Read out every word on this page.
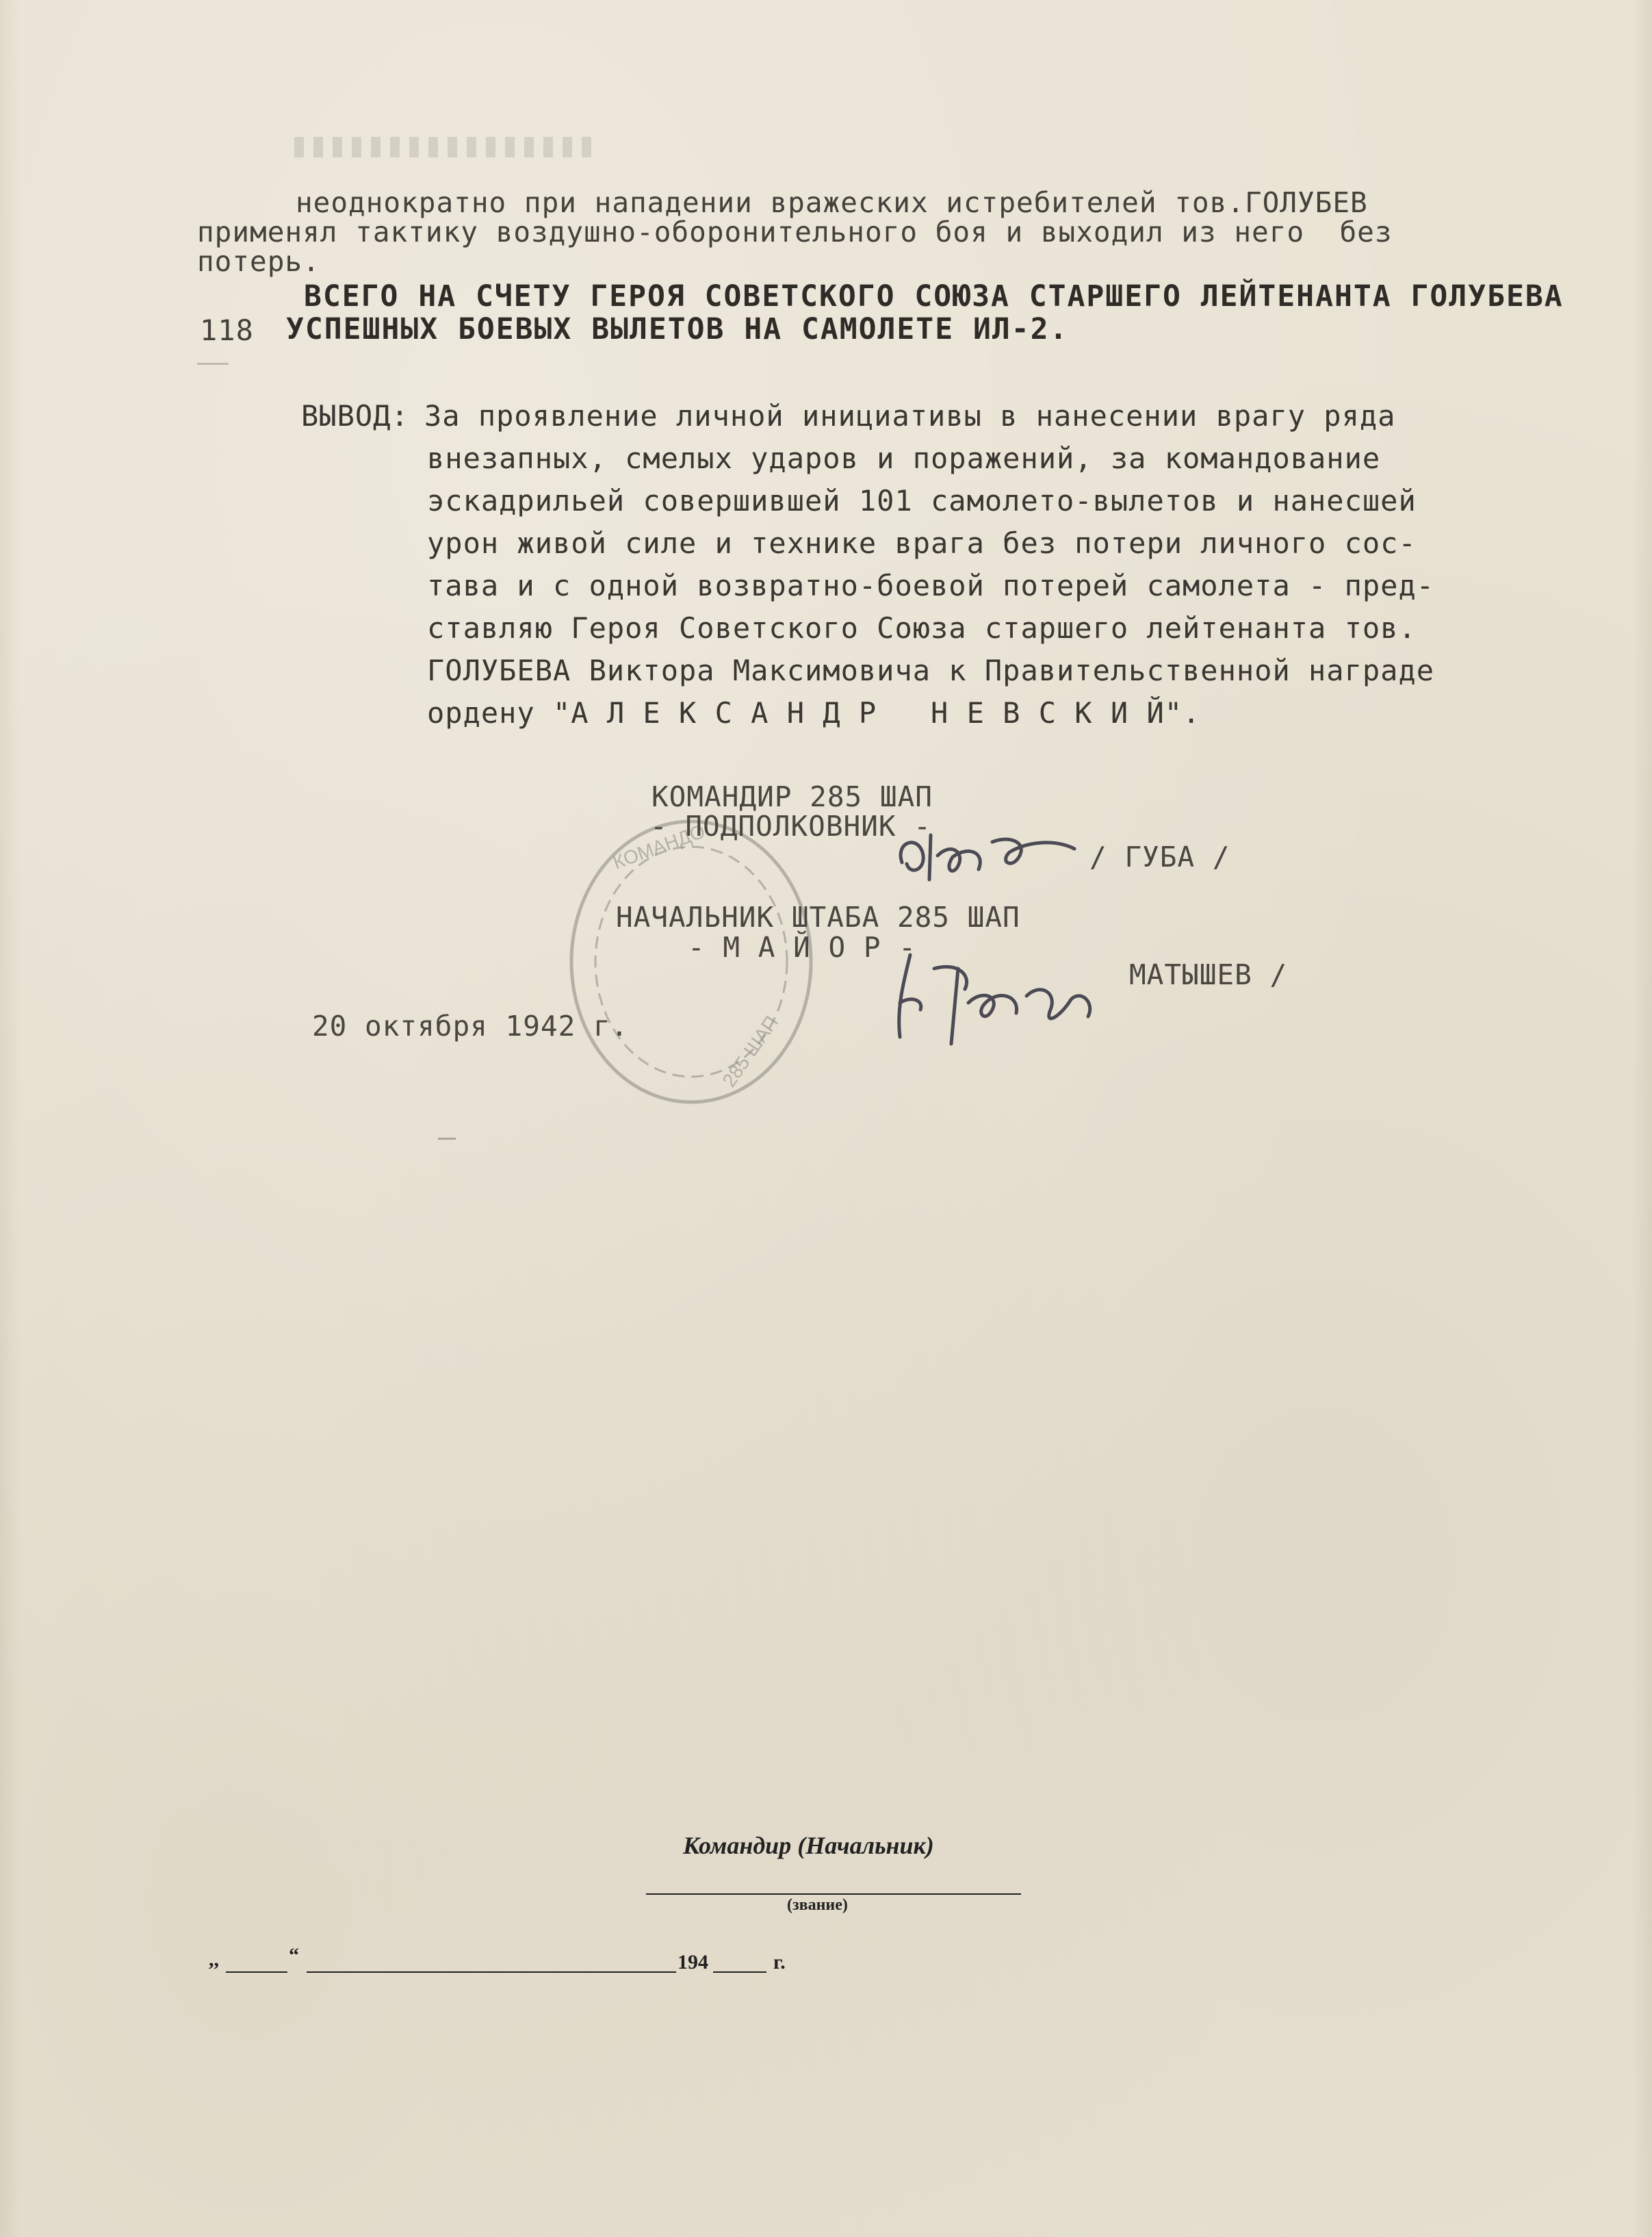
неоднократно при нападении вражеских истребителей тов.ГОЛУБЕВ

применял тактику воздушно-оборонительного боя и выходил из него  без

потерь.

ВСЕГО НА СЧЕТУ ГЕРОЯ СОВЕТСКОГО СОЮЗА СТАРШЕГО ЛЕЙТЕНАНТА ГОЛУБЕВА

118 УСПЕШНЫХ БОЕВЫХ ВЫЛЕТОВ НА САМОЛЕТЕ ИЛ-2.

ВЫВОД: За проявление личной инициативы в нанесении врагу ряда

внезапных, смелых ударов и поражений, за командование

эскадрильей совершившей 101 самолето-вылетов и нанесшей

урон живой силе и технике врага без потери личного сос-

тава и с одной возвратно-боевой потерей самолета - пред-

ставляю Героя Советского Союза старшего лейтенанта тов.

ГОЛУБЕВА Виктора Максимовича к Правительственной награде

ордену "А Л Е К С А Н Д Р   Н Е В С К И Й".

КОМАНДО
285 ШАП

КОМАНДИР 285 ШАП

- ПОДПОЛКОВНИК -

/ ГУБА /

НАЧАЛЬНИК ШТАБА 285 ШАП

- М А Й О Р -

МАТЫШЕВ /

20 октября 1942 г.

Командир (Начальник)

(звание)

,,	“	194	г.
